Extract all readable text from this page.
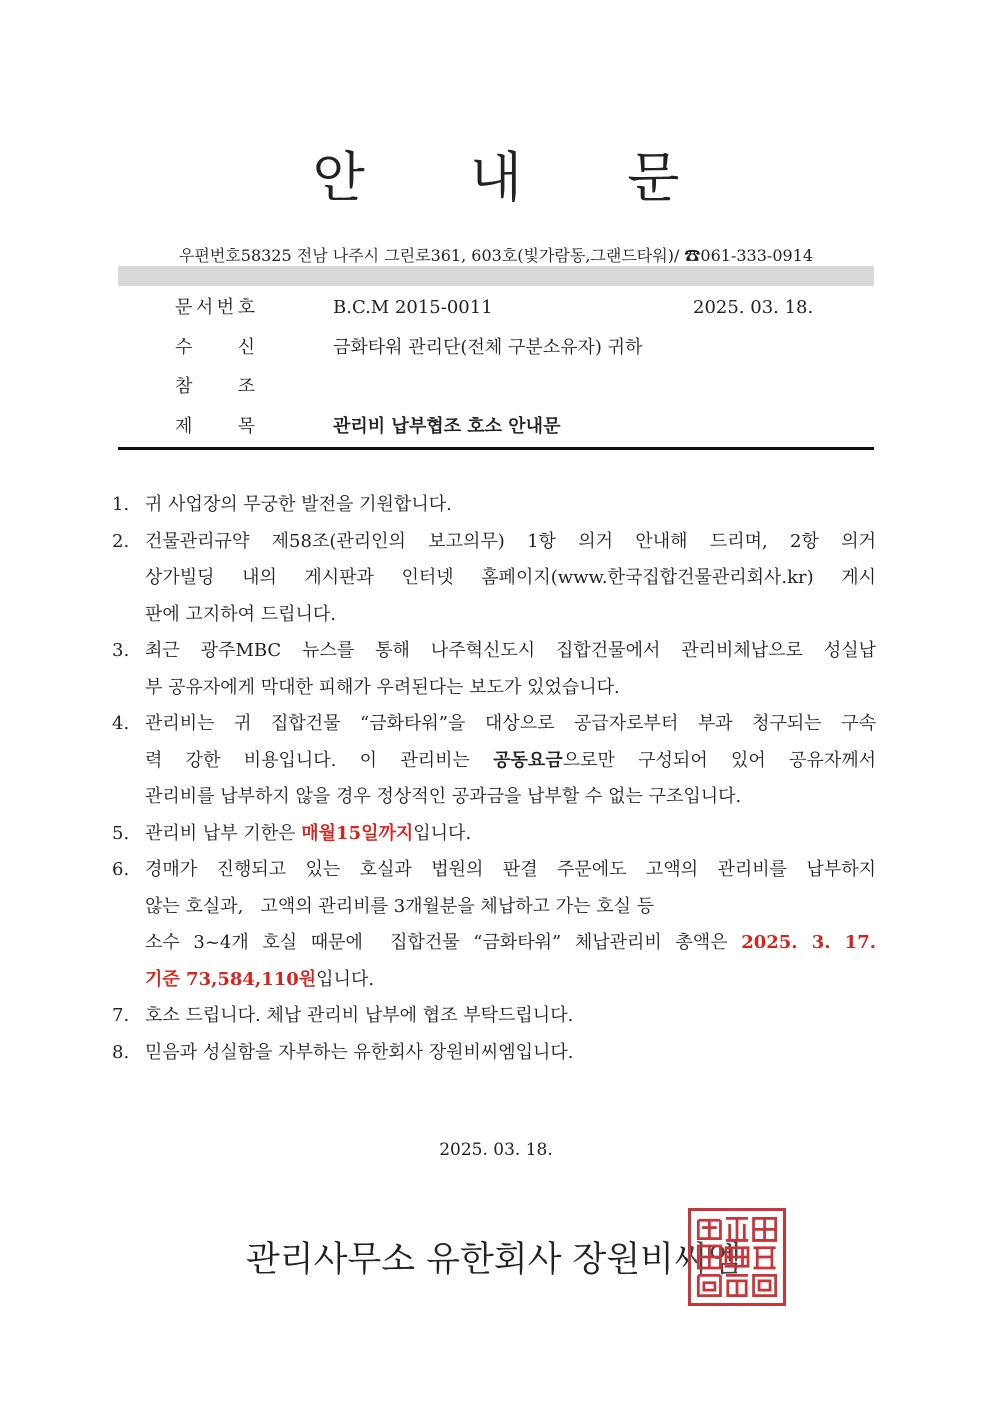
안 내 문
우편번호58325 전남 나주시 그린로361, 603호(빛가람동,그랜드타워)/ ☎061-333-0914
문 서 번 호	B.C.M 2015-0011	2025. 03. 18.
수	신	금화타워 관리단(전체 구분소유자) 귀하
참	조
제	목	관리비 납부협조 호소 안내문
1. 귀 사업장의 무궁한 발전을 기원합니다.
2. 건물관리규약 제58조(관리인의 보고의무) 1항 의거 안내해 드리며, 2항 의거
상가빌딩 내의 게시판과 인터넷 홈페이지(www.한국집합건물관리회사.kr) 게시
판에 고지하여 드립니다.
3. 최근 광주MBC 뉴스를 통해 나주혁신도시 집합건물에서 관리비체납으로 성실납
부 공유자에게 막대한 피해가 우려된다는 보도가 있었습니다.
4. 관리비는 귀 집합건물 “금화타워”을 대상으로 공급자로부터 부과 청구되는 구속
력 강한 비용입니다. 이 관리비는 공동요금으로만 구성되어 있어 공유자께서
관리비를 납부하지 않을 경우 정상적인 공과금을 납부할 수 없는 구조입니다.
5. 관리비 납부 기한은 매월15일까지입니다.
6. 경매가 진행되고 있는 호실과 법원의 판결 주문에도 고액의 관리비를 납부하지
않는 호실과,   고액의 관리비를 3개월분을 체납하고 가는 호실 등
소수 3~4개 호실 때문에  집합건물 “금화타워” 체납관리비 총액은 2025. 3. 17.
기준 73,584,110원입니다.
7. 호소 드립니다. 체납 관리비 납부에 협조 부탁드립니다.
8. 믿음과 성실함을 자부하는 유한회사 장원비씨엠입니다.
2025. 03. 18.
관리사무소 유한회사 장원비씨엠
